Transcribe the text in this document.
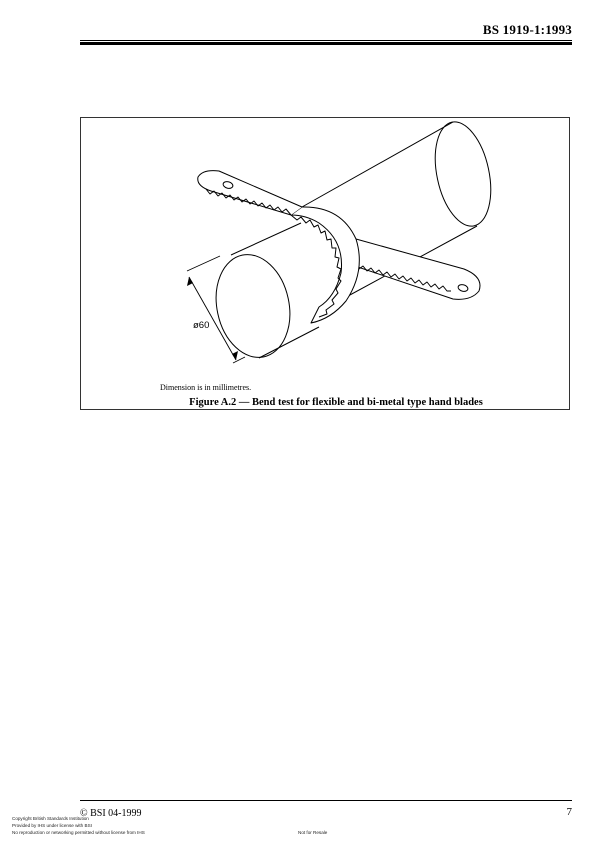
BS 1919-1:1993
ø60
Dimension is in millimetres.
Figure A.2 — Bend test for flexible and bi-metal type hand blades
© BSI 04-1999	7
Copyright British Standards Institution
Provided by IHS under license with BSI
No reproduction or networking permitted without license from IHS	Not for Resale
